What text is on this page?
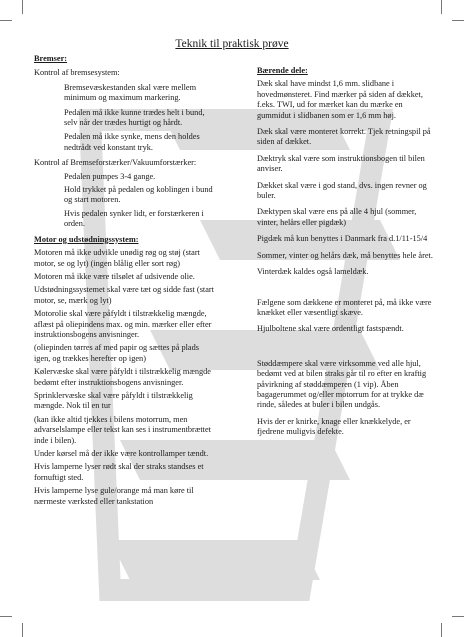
Teknik til praktisk prøve

Bremser:

Kontrol af bremsesystem:

Bremsevæskestanden skal være mellem minimum og maximum markering.

Pedalen må ikke kunne trædes helt i bund, selv når der trædes hurtigt og hårdt.

Pedalen må ikke synke, mens den holdes nedtrådt ved konstant tryk.

Kontrol af Bremseforstærker/Vakuumforstærker:

Pedalen pumpes 3-4 gange.

Hold trykket på pedalen og koblingen i bund og start motoren.

Hvis pedalen synker lidt, er forstærkeren i orden.

Motor og udstødningssystem:

Motoren må ikke udvikle unødig røg og støj (start motor, se og lyt) (ingen blålig eller sort røg)

Motoren må ikke være tilsølet af udsivende olie.

Udstødningssystemet skal være tæt og sidde fast (start motor, se, mærk og lyt)

Motorolie skal være påfyldt i tilstrækkelig mængde, aflæst på oliepindens max. og min. mærker eller efter instruktionsbogens anvisninger.

(oliepinden tørres af med papir og sættes på plads igen, og trækkes herefter op igen)

Kølervæske skal være påfyldt i tilstrækkelig mængde bedømt efter instruktionsbogens anvisninger.

Sprinklervæske skal være påfyldt i tilstrækkelig mængde. Nok til en tur

(kan ikke altid tjekkes i bilens motorrum, men advarselslampe eller tekst kan ses i instrumentbrættet inde i bilen).

Under kørsel må der ikke være kontrollamper tændt.

Hvis lamperne lyser rødt skal der straks standses et fornuftigt sted.

Hvis lamperne lyse gule/orange må man køre til nærmeste værksted eller tankstation

Bærende dele:

Dæk skal have mindst 1,6 mm. slidbane i hovedmønsteret. Find mærker på siden af dækket, f.eks. TWI, ud for mærket kan du mærke en gummidut i slidbanen som er 1,6 mm høj.

Dæk skal være monteret korrekt. Tjek retningspil på siden af dækket.

Dæktryk skal være som instruktionsbogen til bilen anviser.

Dækket skal være i god stand, dvs. ingen revner og buler.

Dæktypen skal være ens på alle 4 hjul (sommer, vinter, helårs eller pigdæk)

Pigdæk må kun benyttes i Danmark fra d.1/11-15/4

Sommer, vinter og helårs dæk, må benyttes hele året.

Vinterdæk kaldes også lameldæk.

Fælgene som dækkene er monteret på, må ikke være knækket eller væsentligt skæve.

Hjulboltene skal være ordentligt fastspændt.

Støddæmpere skal være virksomme ved alle hjul, bedømt ved at bilen straks går til ro efter en kraftig påvirkning af støddæmperen (1 vip). Åben bagagerummet og/eller motorrum for at trykke dæ rinde, således at buler i bilen undgås.

Hvis der er knirke, knage eller knækkelyde, er fjedrene muligvis defekte.
